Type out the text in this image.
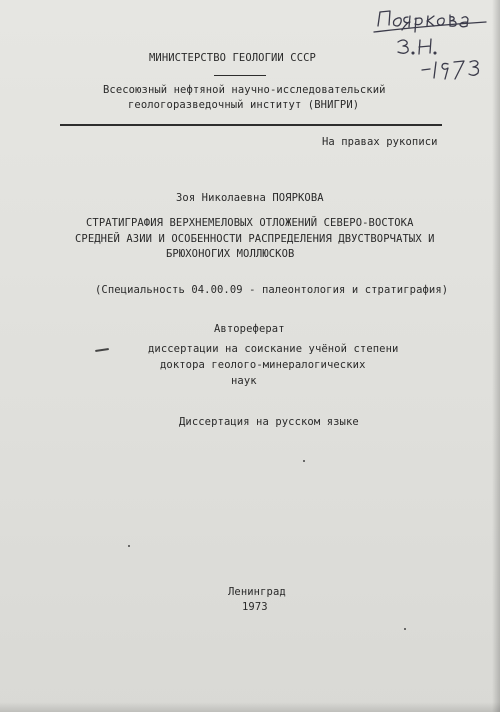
МИНИСТЕРСТВО ГЕОЛОГИИ СССР
Всесоюзный нефтяной научно-исследовательский
геологоразведочный институт (ВНИГРИ)
На правах рукописи
Зоя Николаевна ПОЯРКОВА
СТРАТИГРАФИЯ ВЕРХНЕМЕЛОВЫХ ОТЛОЖЕНИЙ СЕВЕРО-ВОСТОКА
СРЕДНЕЙ АЗИИ И ОСОБЕННОСТИ РАСПРЕДЕЛЕНИЯ ДВУСТВОРЧАТЫХ И
БРЮХОНОГИХ МОЛЛЮСКОВ
(Специальность 04.00.09 - палеонтология и стратиграфия)
Автореферат
диссертации на соискание учёной степени
доктора геолого-минералогических
наук
Диссертация на русском языке
Ленинград
1973
